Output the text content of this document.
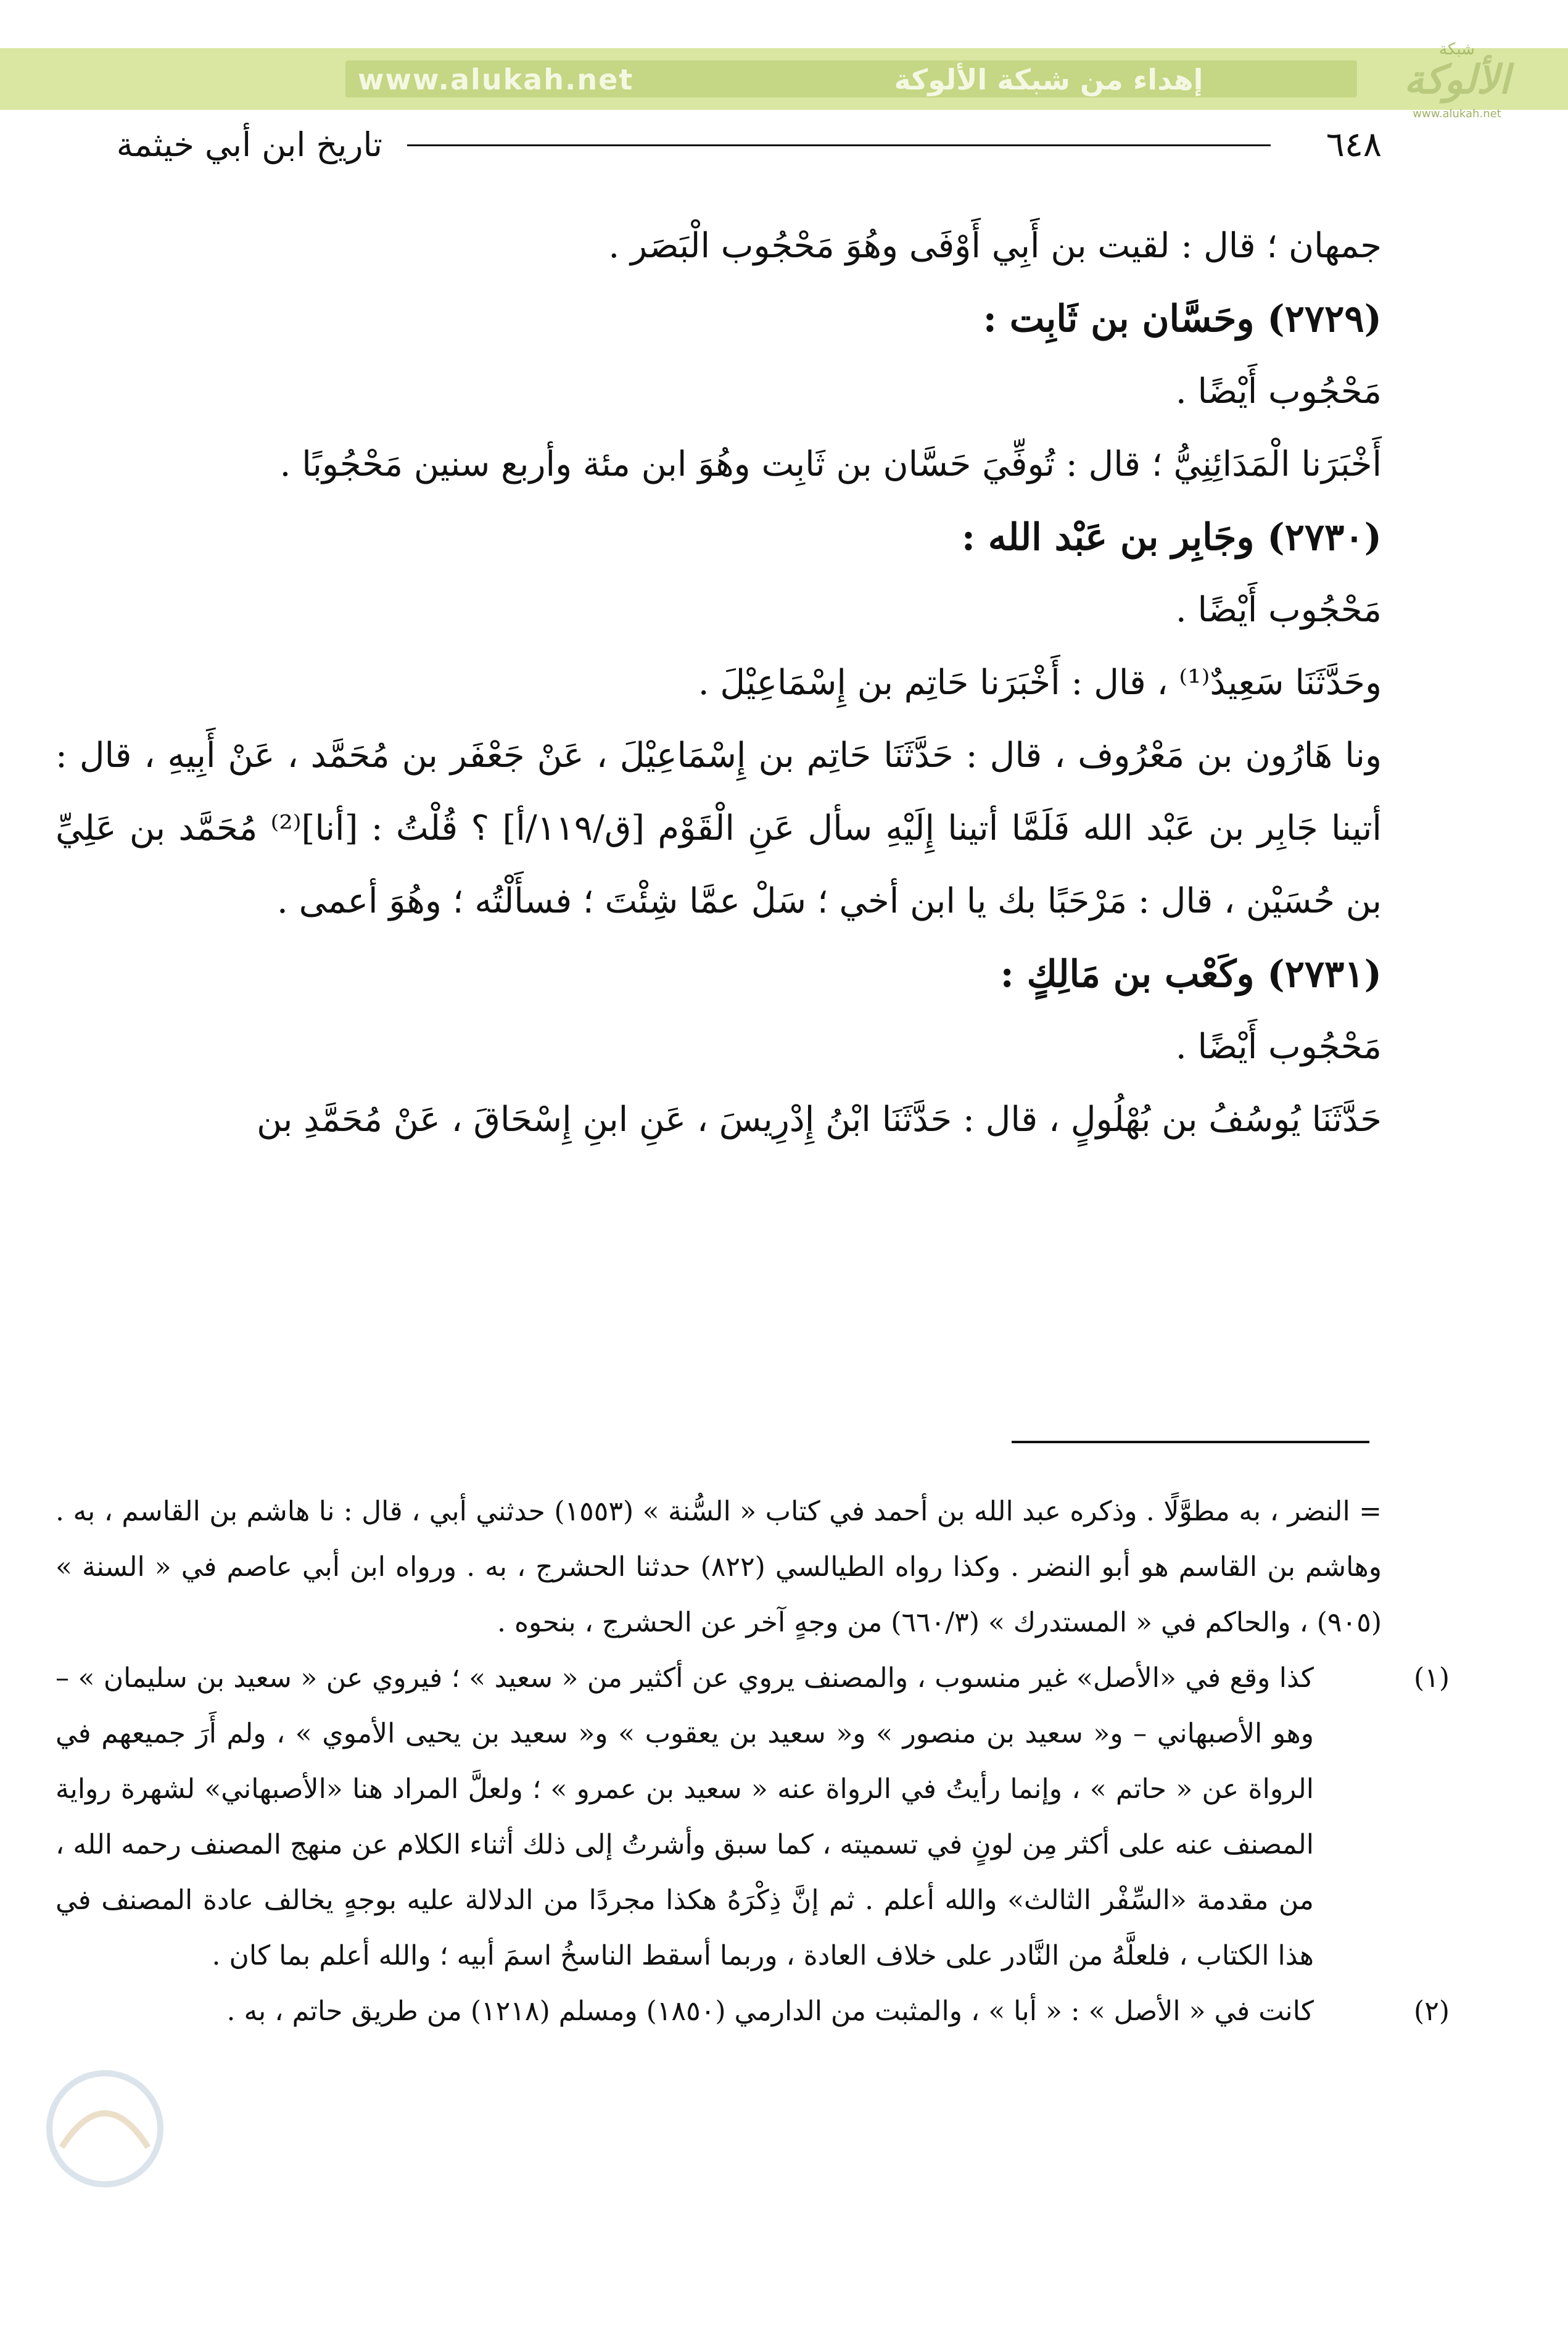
www.alukah.net	إهداء من شبكة الألوكة
شبكة
الألوكة
www.alukah.net
٦٤٨
تاريخ ابن أبي خيثمة

جمهان ؛ قال : لقيت بن أَبِي أَوْفَى وهُوَ مَحْجُوب الْبَصَر .

(٢٧٢٩) وحَسَّان بن ثَابِت :

مَحْجُوب أَيْضًا .

أَخْبَرَنا الْمَدَائِنِيُّ ؛ قال : تُوفِّيَ حَسَّان بن ثَابِت وهُوَ ابن مئة وأربع سنين مَحْجُوبًا .

(٢٧٣٠) وجَابِر بن عَبْد الله :

مَحْجُوب أَيْضًا .

وحَدَّثَنَا سَعِيدٌ⁽¹⁾ ، قال : أَخْبَرَنا حَاتِم بن إِسْمَاعِيْلَ .

ونا هَارُون بن مَعْرُوف ، قال : حَدَّثَنَا حَاتِم بن إِسْمَاعِيْلَ ، عَنْ جَعْفَر بن مُحَمَّد ، عَنْ أَبِيهِ ، قال : أتينا جَابِر بن عَبْد الله فَلَمَّا أتينا إِلَيْهِ سأل عَنِ الْقَوْم [ق/١١٩/أ] ؟ قُلْتُ : [أنا]⁽²⁾ مُحَمَّد بن عَلِيِّ بن حُسَيْن ، قال : مَرْحَبًا بك يا ابن أخي ؛ سَلْ عمَّا شِئْتَ ؛ فسأَلْتُه ؛ وهُوَ أعمى .

(٢٧٣١) وكَعْب بن مَالِكٍ :

مَحْجُوب أَيْضًا .

حَدَّثَنَا يُوسُفُ بن بُهْلُولٍ ، قال : حَدَّثَنَا ابْنُ إِدْرِيسَ ، عَنِ ابنِ إِسْحَاقَ ، عَنْ مُحَمَّدِ بن

= النضر ، به مطوَّلًا . وذكره عبد الله بن أحمد في كتاب « السُّنة » (١٥٥٣) حدثني أبي ، قال : نا هاشم بن القاسم ، به . وهاشم بن القاسم هو أبو النضر . وكذا رواه الطيالسي (٨٢٢) حدثنا الحشرج ، به . ورواه ابن أبي عاصم في « السنة » (٩٠٥) ، والحاكم في « المستدرك » (٦٦٠/٣) من وجهٍ آخر عن الحشرج ، بنحوه .

(١)كذا وقع في «الأصل» غير منسوب ، والمصنف يروي عن أكثير من « سعيد » ؛ فيروي عن « سعيد بن سليمان » – وهو الأصبهاني – و« سعيد بن منصور » و« سعيد بن يعقوب » و« سعيد بن يحيى الأموي » ، ولم أَرَ جميعهم في الرواة عن « حاتم » ، وإنما رأيتُ في الرواة عنه « سعيد بن عمرو » ؛ ولعلَّ المراد هنا «الأصبهاني» لشهرة رواية المصنف عنه على أكثر مِن لونٍ في تسميته ، كما سبق وأشرتُ إلى ذلك أثناء الكلام عن منهج المصنف رحمه الله ، من مقدمة «السِّفْر الثالث» والله أعلم . ثم إنَّ ذِكْرَهُ هكذا مجردًا من الدلالة عليه بوجهٍ يخالف عادة المصنف في هذا الكتاب ، فلعلَّهُ من النَّادر على خلاف العادة ، وربما أسقط الناسخُ اسمَ أبيه ؛ والله أعلم بما كان .

(٢)كانت في « الأصل » : « أبا » ، والمثبت من الدارمي (١٨٥٠) ومسلم (١٢١٨) من طريق حاتم ، به .
